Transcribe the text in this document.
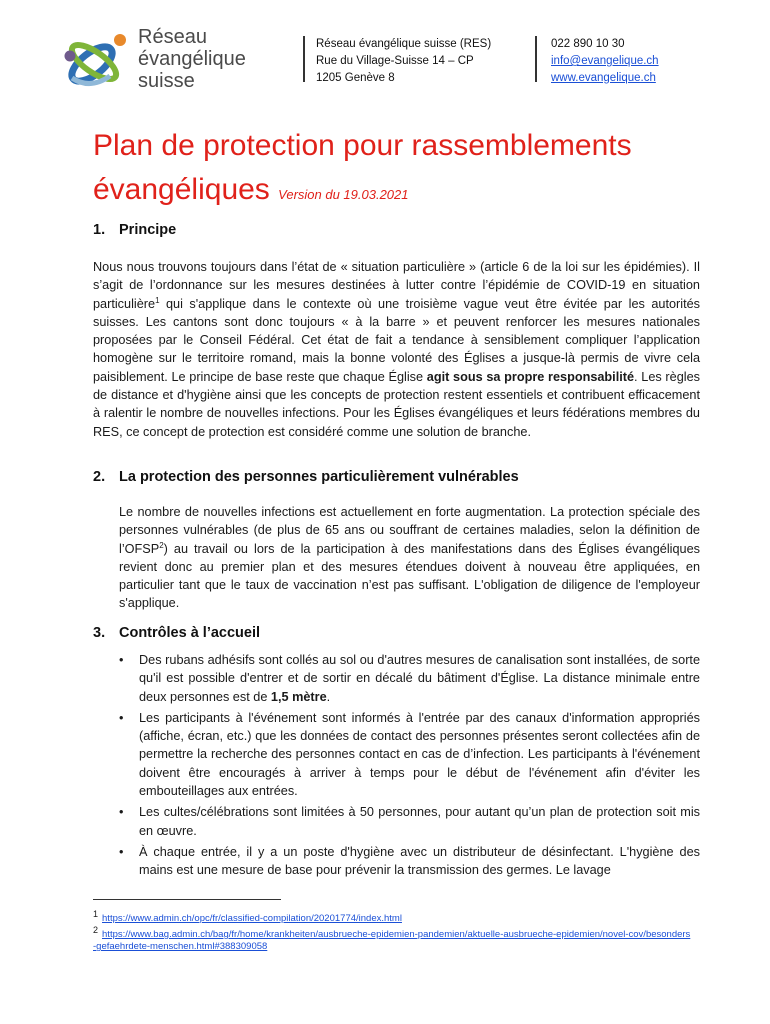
Réseau
évangélique
suisse
Réseau évangélique suisse (RES)
Rue du Village-Suisse 14 – CP
1205 Genève 8
022 890 10 30
info@evangelique.ch
www.evangelique.ch
Plan de protection pour rassemblements
évangéliques Version du 19.03.2021
1. Principe
Nous nous trouvons toujours dans l’état de « situation particulière » (article 6 de la loi sur les épidémies). Il s’agit de l’ordonnance sur les mesures destinées à lutter contre l’épidémie de COVID-19 en situation particulière$^1$ qui s'applique dans le contexte où une troisième vague veut être évitée par les autorités suisses. Les cantons sont donc toujours « à la barre » et peuvent renforcer les mesures nationales proposées par le Conseil Fédéral. Cet état de fait a tendance à sensiblement compliquer l’application homogène sur le territoire romand, mais la bonne volonté des Églises a jusque-là permis de vivre cela paisiblement. Le principe de base reste que chaque Église agit sous sa propre responsabilité. Les règles de distance et d'hygiène ainsi que les concepts de protection restent essentiels et contribuent efficacement à ralentir le nombre de nouvelles infections. Pour les Églises évangéliques et leurs fédérations membres du RES, ce concept de protection est considéré comme une solution de branche.
2. La protection des personnes particulièrement vulnérables
Le nombre de nouvelles infections est actuellement en forte augmentation. La protection spéciale des personnes vulnérables (de plus de 65 ans ou souffrant de certaines maladies, selon la définition de l’OFSP$^2$) au travail ou lors de la participation à des manifestations dans des Églises évangéliques revient donc au premier plan et des mesures étendues doivent à nouveau être appliquées, en particulier tant que le taux de vaccination n’est pas suffisant. L'obligation de diligence de l'employeur s'applique.
3. Contrôles à l’accueil
• Des rubans adhésifs sont collés au sol ou d'autres mesures de canalisation sont installées, de sorte qu'il est possible d'entrer et de sortir en décalé du bâtiment d'Église. La distance minimale entre deux personnes est de 1,5 mètre.
• Les participants à l'événement sont informés à l'entrée par des canaux d'information appropriés (affiche, écran, etc.) que les données de contact des personnes présentes seront collectées afin de permettre la recherche des personnes contact en cas de d’infection. Les participants à l'événement doivent être encouragés à arriver à temps pour le début de l'événement afin d'éviter les embouteillages aux entrées.
• Les cultes/célébrations sont limitées à 50 personnes, pour autant qu’un plan de protection soit mis en œuvre.
• À chaque entrée, il y a un poste d'hygiène avec un distributeur de désinfectant. L'hygiène des mains est une mesure de base pour prévenir la transmission des germes. Le lavage
$^1$ https://www.admin.ch/opc/fr/classified-compilation/20201774/index.html
$^2$ https://www.bag.admin.ch/bag/fr/home/krankheiten/ausbrueche-epidemien-pandemien/aktuelle-ausbrueche-epidemien/novel-cov/besonders-gefaehrdete-menschen.html#388309058
